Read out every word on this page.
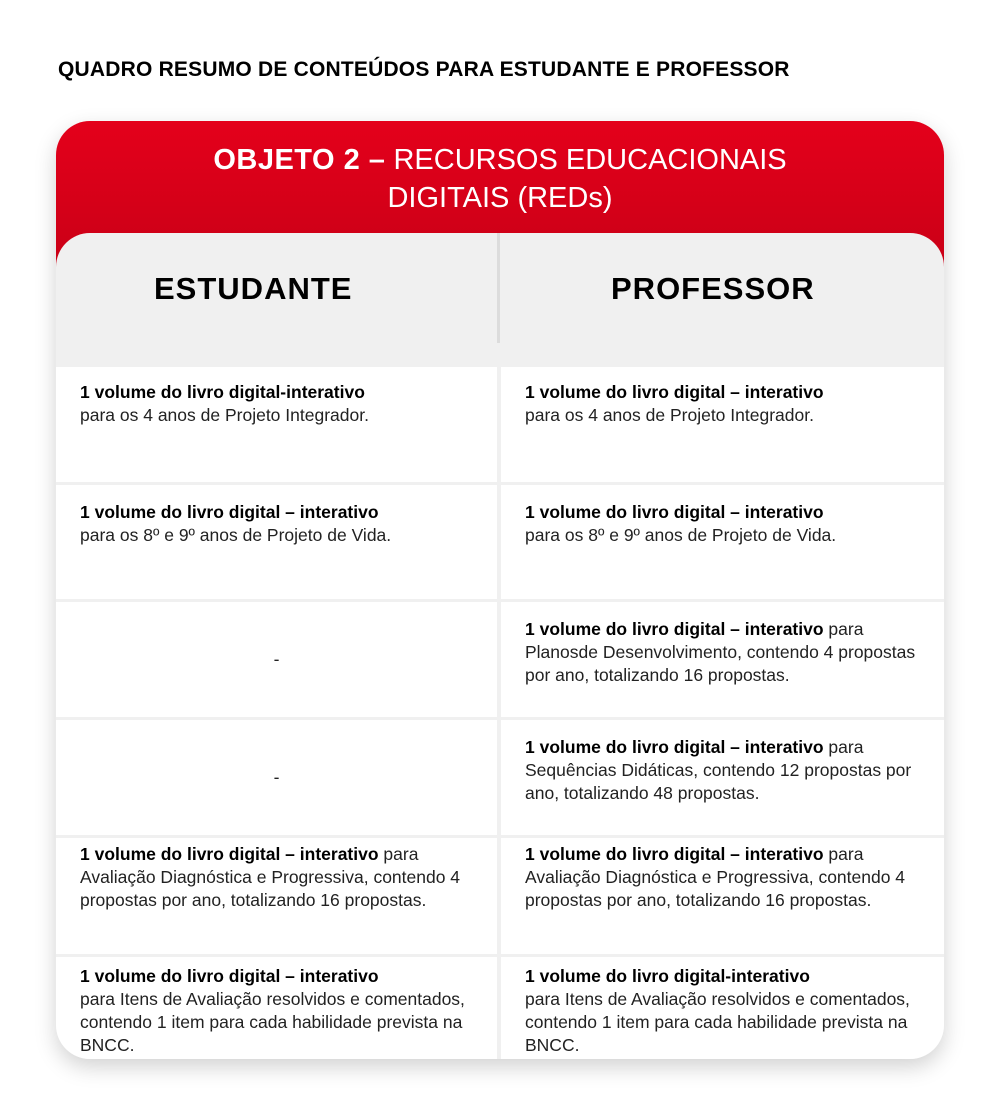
QUADRO RESUMO DE CONTEÚDOS PARA ESTUDANTE E PROFESSOR
OBJETO 2 – RECURSOS EDUCACIONAIS
DIGITAIS (REDs)
ESTUDANTE	PROFESSOR
1 volume do livro digital-interativo
para os 4 anos de Projeto Integrador.
1 volume do livro digital – interativo
para os 4 anos de Projeto Integrador.
1 volume do livro digital – interativo
para os 8º e 9º anos de Projeto de Vida.
1 volume do livro digital – interativo
para os 8º e 9º anos de Projeto de Vida.
-
1 volume do livro digital – interativo para Planosde Desenvolvimento, contendo 4 propostas por ano, totalizando 16 propostas.
-
1 volume do livro digital – interativo para Sequências Didáticas, contendo 12 propostas por ano, totalizando 48 propostas.
1 volume do livro digital – interativo para Avaliação Diagnóstica e Progressiva, contendo 4 propostas por ano, totalizando 16 propostas.
1 volume do livro digital – interativo para Avaliação Diagnóstica e Progressiva, contendo 4 propostas por ano, totalizando 16 propostas.
1 volume do livro digital – interativo
para Itens de Avaliação resolvidos e comentados, contendo 1 item para cada habilidade prevista na BNCC.
1 volume do livro digital-interativo
para Itens de Avaliação resolvidos e comentados, contendo 1 item para cada habilidade prevista na BNCC.
